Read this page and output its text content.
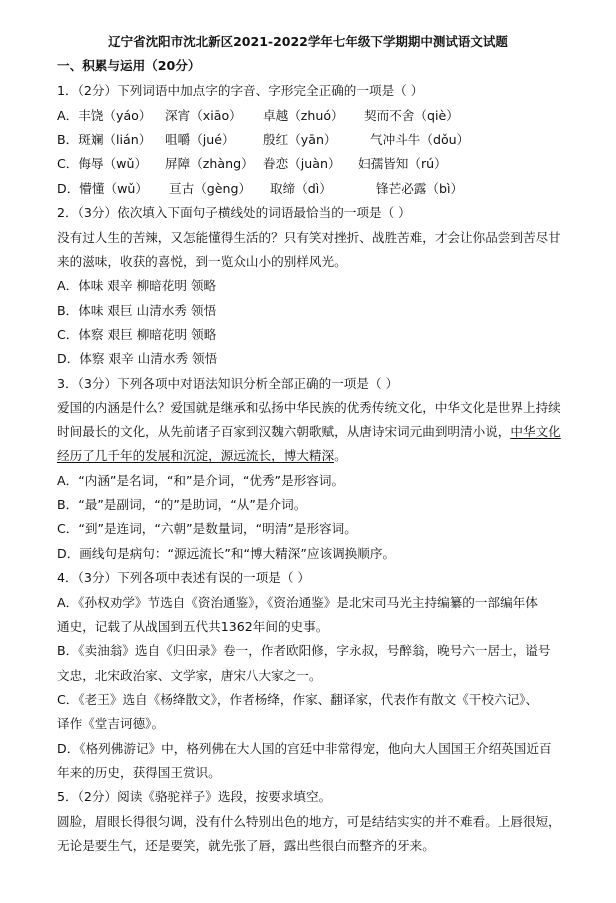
辽宁省沈阳市沈北新区2021-2022学年七年级下学期期中测试语文试题
一、积累与运用（20分）
1．（2分）下列词语中加点字的字音、字形完全正确的一项是（ ）
A．丰饶（yáo） 深宵（xiāo） 卓越（zhuó） 契而不舍（qiè）
B．斑斓（lián） 咀嚼（jué） 殷红（yān）	气冲斗牛（dǒu）
C．侮辱（wǔ） 屏障（zhàng） 眷恋（juàn） 妇孺皆知（rú）
D．懵懂（wǔ） 亘古（gèng） 取缔（dì）	锋芒必露（bì）
2．（3分）依次填入下面句子横线处的词语最恰当的一项是（ ）
没有过人生的苦辣，又怎能懂得生活的？只有笑对挫折、战胜苦难，才会让你品尝到苦尽甘
来的滋味，收获的喜悦，到一览众山小的别样风光。
A．体味 艰辛 柳暗花明 领略
B．体味 艰巨 山清水秀 领悟
C．体察 艰巨 柳暗花明 领略
D．体察 艰辛 山清水秀 领悟
3．（3分）下列各项中对语法知识分析全部正确的一项是（ ）
爱国的内涵是什么？爱国就是继承和弘扬中华民族的优秀传统文化，中华文化是世界上持续
时间最长的文化，从先前诸子百家到汉魏六朝歌赋，从唐诗宋词元曲到明清小说，中华文化
经历了几千年的发展和沉淀，源远流长，博大精深。
A．“内涵”是名词，“和”是介词，“优秀”是形容词。
B．“最”是副词，“的”是助词，“从”是介词。
C．“到”是连词，“六朝”是数量词，“明清”是形容词。
D．画线句是病句：“源远流长”和“博大精深”应该调换顺序。
4．（3分）下列各项中表述有误的一项是（ ）
A．《孙权劝学》节选自《资治通鉴》，《资治通鉴》是北宋司马光主持编纂的一部编年体
通史，记载了从战国到五代共1362年间的史事。
B．《卖油翁》选自《归田录》卷一，作者欧阳修，字永叔，号醉翁，晚号六一居士，谥号
文忠，北宋政治家、文学家，唐宋八大家之一。
C．《老王》选自《杨绛散文》，作者杨绛，作家、翻译家，代表作有散文《干校六记》、
译作《堂吉诃德》。
D．《格列佛游记》中，格列佛在大人国的宫廷中非常得宠，他向大人国国王介绍英国近百
年来的历史，获得国王赏识。
5．（2分）阅读《骆驼祥子》选段，按要求填空。
圆脸，眉眼长得很匀调，没有什么特别出色的地方，可是结结实实的并不难看。上唇很短，
无论是要生气，还是要笑，就先张了唇，露出些很白而整齐的牙来。
